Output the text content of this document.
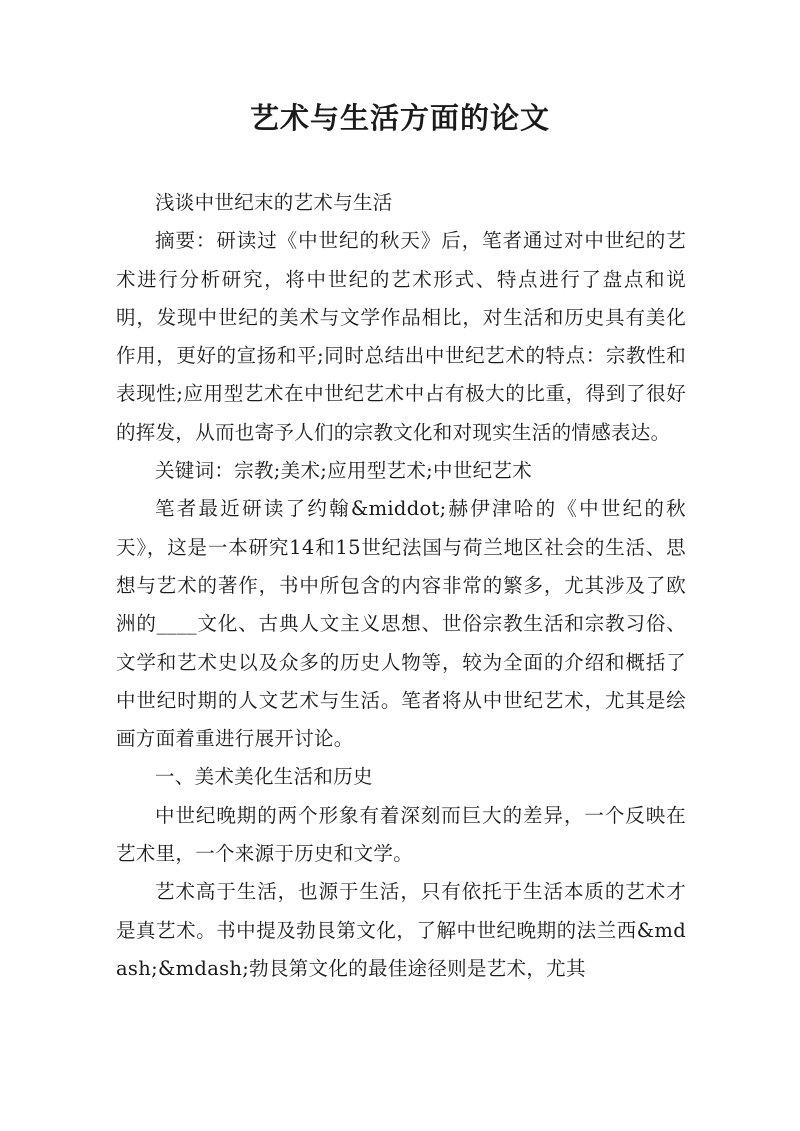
艺术与生活方面的论文

浅谈中世纪末的艺术与生活

摘要：研读过《中世纪的秋天》后，笔者通过对中世纪的艺术进行分析研究，将中世纪的艺术形式、特点进行了盘点和说明，发现中世纪的美术与文学作品相比，对生活和历史具有美化作用，更好的宣扬和平;同时总结出中世纪艺术的特点：宗教性和表现性;应用型艺术在中世纪艺术中占有极大的比重，得到了很好的挥发，从而也寄予人们的宗教文化和对现实生活的情感表达。

关键词：宗教;美术;应用型艺术;中世纪艺术

笔者最近研读了约翰&middot;赫伊津哈的《中世纪的秋天》，这是一本研究14和15世纪法国与荷兰地区社会的生活、思想与艺术的著作，书中所包含的内容非常的繁多，尤其涉及了欧洲的____文化、古典人文主义思想、世俗宗教生活和宗教习俗、文学和艺术史以及众多的历史人物等，较为全面的介绍和概括了中世纪时期的人文艺术与生活。笔者将从中世纪艺术，尤其是绘画方面着重进行展开讨论。

一、美术美化生活和历史

中世纪晚期的两个形象有着深刻而巨大的差异，一个反映在艺术里，一个来源于历史和文学。

艺术高于生活，也源于生活，只有依托于生活本质的艺术才是真艺术。书中提及勃艮第文化，了解中世纪晚期的法兰西&mdash;&mdash;勃艮第文化的最佳途径则是艺术，尤其
